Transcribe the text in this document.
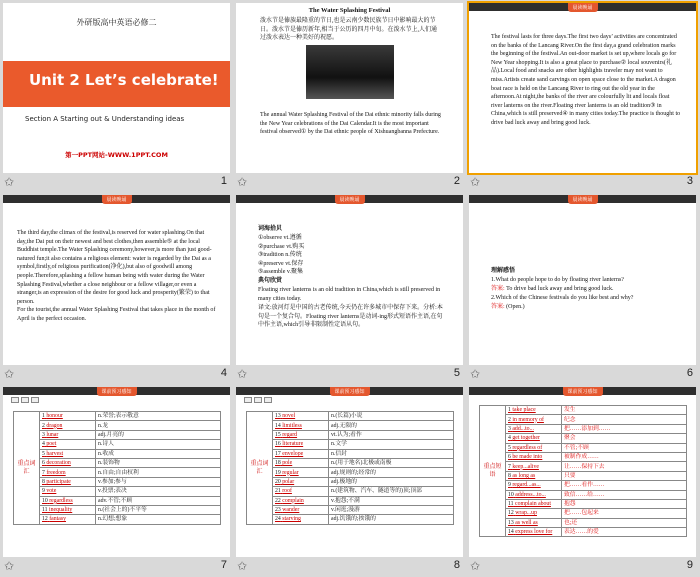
外研版高中英语必修二
Unit 2 Let’s celebrate!
Section A Starting out & Understanding ideas
第一PPT网站-WWW.1PPT.COM
✩	1
The Water Splashing Festival
泼水节是傣族最隆重的节日,也是云南少数民族节日中影响最大的节日。泼水节是傣历新年,相当于公历的四月中旬。在泼水节上,人们通过泼水表达一种美好的祝愿。
The annual Water Splashing Festival of the Dai ethnic minority falls during the New Year celebrations of the Dai Calendar.It is the most important festival observed① by the Dai ethnic people of Xishuangbanna Prefecture.
✩	2
晨读晚诵
The festival lasts for three days.The first two days’ activities are concentrated on the banks of the Lancang River.On the first day,a grand celebration marks the beginning of the festival.An out-door market is set up,where locals go for New Year shopping.It is also a great place to purchase② local souvenirs(礼品).Local food and snacks are other highlights traveler may not want to miss.Artists create sand carvings on open space close to the market.A dragon boat race is held on the Lancang River to ring out the old year in the afternoon.At night,the banks of the river are colourfully lit and locals float river lanterns on the river.Floating river lanterns is an old tradition③ in China,which is still preserved④ in many cities today.The practice is thought to drive bad luck away and bring good luck.
✩	3
晨读晚诵
The third day,the climax of the festival,is reserved for water splashing.On that day,the Dai put on their newest and best clothes,then assemble⑤ at the local Buddhist temple.The Water Splashing ceremony,however,is more than just good-natured fun;it also contains a religious element: water is regarded by the Dai as a symbol,firstly,of religious purification(净化),but also of goodwill among people.Therefore,splashing a fellow human being with water during the Water Splashing Festival,whether a close neighbour or a fellow villager,or even a stranger,is an expression of the desire for good luck and prosperity(繁荣) to that person.
For the tourist,the annual Water Splashing Festival that takes place in the month of April is the perfect occasion.
✩	4
晨读晚诵
词海拾贝
①observe vt.遵循
②purchase vt.购买
③tradition n.传统
④preserve vt.保存
⑤assemble v.聚集
典句欣赏
Floating river lanterns is an old tradition in China,which is still preserved in many cities today.
译文:放河灯是中国的古老传统,今天仍在许多城市中保存下来。分析:本句是一个复合句。Floating river lanterns是动词-ing形式短语作主语,在句中作主语,which引导非限制性定语从句。
✩	5
晨读晚诵
理解感悟
1.What do people hope to do by floating river lanterns?
答案: To drive bad luck away and bring good luck.
2.Which of the Chinese festivals do you like best and why?
答案: (Open.)
✩	6
课前预习感知
重点词汇	1 honour	n.荣誉;表示敬意
	2 dragon	n.龙
	3 lunar	adj.月亮的
	4 poet	n.诗人
	5 harvest	n.收成
	6 decoration	n.装饰物
	7 freedom	n.自由;自由权利
	8 participate	v.参加;参与
	9 vote	v.投票;表决
	10 regardless	adv.不管;不顾
	11 inequality	n.(社会上的)不平等
	12 fantasy	n.幻想;想象
✩	7
课前预习感知
重点词汇	13 novel	n.(长篇)小说
	14 limitless	adj.无限的
	15 regard	vt.认为;看作
	16 literature	n.文学
	17 envelope	n.信封
	18 pole	n.(用于地名)北极或南极
	19 regular	adj.规则的;经常的
	20 polar	adj.极地的
	21 roof	n.(建筑物、汽车、隧道等的)顶;顶部
	22 complain	v.抱怨;不满
	23 wander	v.闲逛;漫游
	24 starving	adj.饥饿的;挨饿的
✩	8
课前预习感知
重点短语	1 take place	发生
	2 in memory of	纪念
	3 add...to...	把……添加到……
	4 get together	聚会
	5 regardless of	不管;不顾
	6 be made into	被制作成……
	7 keep...alive	让……保持下去
	8 as long as	只要
	9 regard...as...	把……看作……
	10 address...to...	致信……给……
	11 complain about	抱怨
	12 wrap...up	把……包起来
	13 as well as	也;还
	14 express love for	表达……的爱
✩	9
